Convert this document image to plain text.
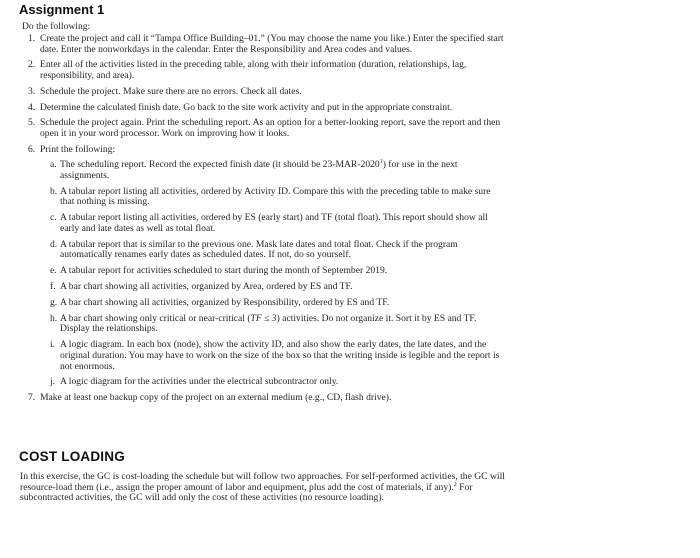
Assignment 1
Do the following:
1. Create the project and call it “Tampa Office Building–01.” (You may choose the name you like.) Enter the specified start date. Enter the nonworkdays in the calendar. Enter the Responsibility and Area codes and values.
2. Enter all of the activities listed in the preceding table, along with their information (duration, relationships, lag, responsibility, and area).
3. Schedule the project. Make sure there are no errors. Check all dates.
4. Determine the calculated finish date. Go back to the site work activity and put in the appropriate constraint.
5. Schedule the project again. Print the scheduling report. As an option for a better-looking report, save the report and then open it in your word processor. Work on improving how it looks.
6. Print the following:
a. The scheduling report. Record the expected finish date (it should be 23-MAR-2020$^1$) for use in the next assignments.
b. A tabular report listing all activities, ordered by Activity ID. Compare this with the preceding table to make sure that nothing is missing.
c. A tabular report listing all activities, ordered by ES (early start) and TF (total float). This report should show all early and late dates as well as total float.
d. A tabular report that is similar to the previous one. Mask late dates and total float. Check if the program automatically renames early dates as scheduled dates. If not, do so yourself.
e. A tabular report for activities scheduled to start during the month of September 2019.
f. A bar chart showing all activities, organized by Area, ordered by ES and TF.
g. A bar chart showing all activities, organized by Responsibility, ordered by ES and TF.
h. A bar chart showing only critical or near-critical (TF ≤ 3) activities. Do not organize it. Sort it by ES and TF. Display the relationships.
i. A logic diagram. In each box (node), show the activity ID, and also show the early dates, the late dates, and the original duration. You may have to work on the size of the box so that the writing inside is legible and the report is not enormous.
j. A logic diagram for the activities under the electrical subcontractor only.
7. Make at least one backup copy of the project on an external medium (e.g., CD, flash drive).
COST LOADING
In this exercise, the GC is cost-loading the schedule but will follow two approaches. For self-performed activities, the GC will resource-load them (i.e., assign the proper amount of labor and equipment, plus add the cost of materials, if any).$^2$ For subcontracted activities, the GC will add only the cost of these activities (no resource loading).
